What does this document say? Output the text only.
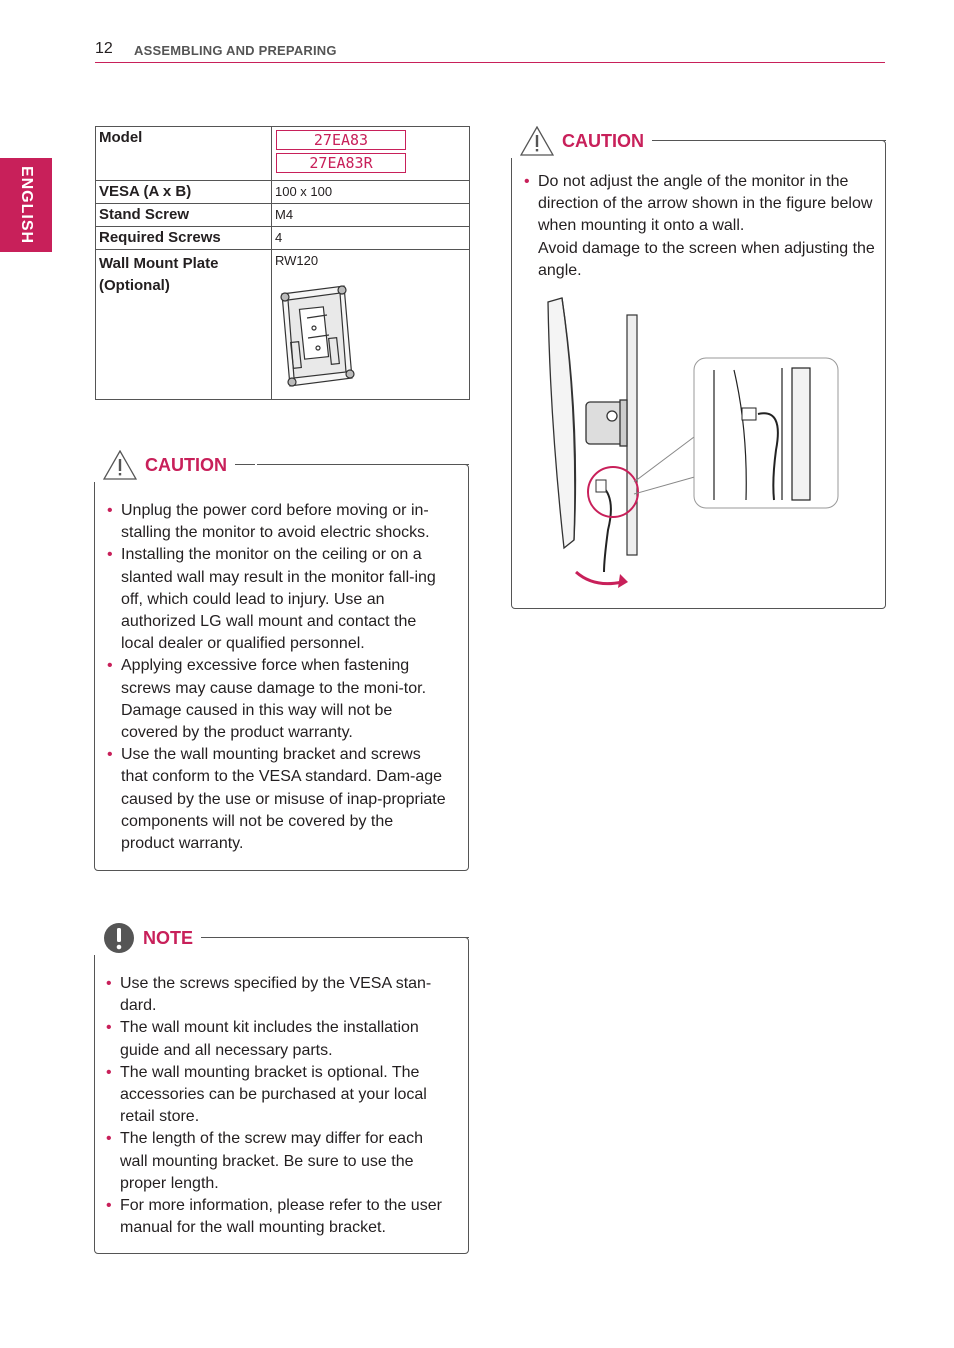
12 ASSEMBLING AND PREPARING
ENGLISH
Model	27EA83
27EA83R

VESA (A x B)	100 x 100
Stand Screw	M4
Required Screws	4

Wall Mount Plate
(Optional)	RW120
CAUTION
• Unplug the power cord before moving or in-stalling the monitor to avoid electric shocks.
• Installing the monitor on the ceiling or on a slanted wall may result in the monitor fall-ing off, which could lead to injury. Use an authorized LG wall mount and contact the local dealer or qualified personnel.
• Applying excessive force when fastening screws may cause damage to the moni-tor. Damage caused in this way will not be covered by the product warranty.
• Use the wall mounting bracket and screws that conform to the VESA standard. Dam-age caused by the use or misuse of inap-propriate components will not be covered by the product warranty.
NOTE
• Use the screws specified by the VESA stan-dard.
• The wall mount kit includes the installation guide and all necessary parts.
• The wall mounting bracket is optional. The accessories can be purchased at your local retail store.
• The length of the screw may differ for each wall mounting bracket. Be sure to use the proper length.
• For more information, please refer to the user manual for the wall mounting bracket.
CAUTION
• Do not adjust the angle of the monitor in the direction of the arrow shown in the figure below when mounting it onto a wall.
Avoid damage to the screen when adjusting the angle.
